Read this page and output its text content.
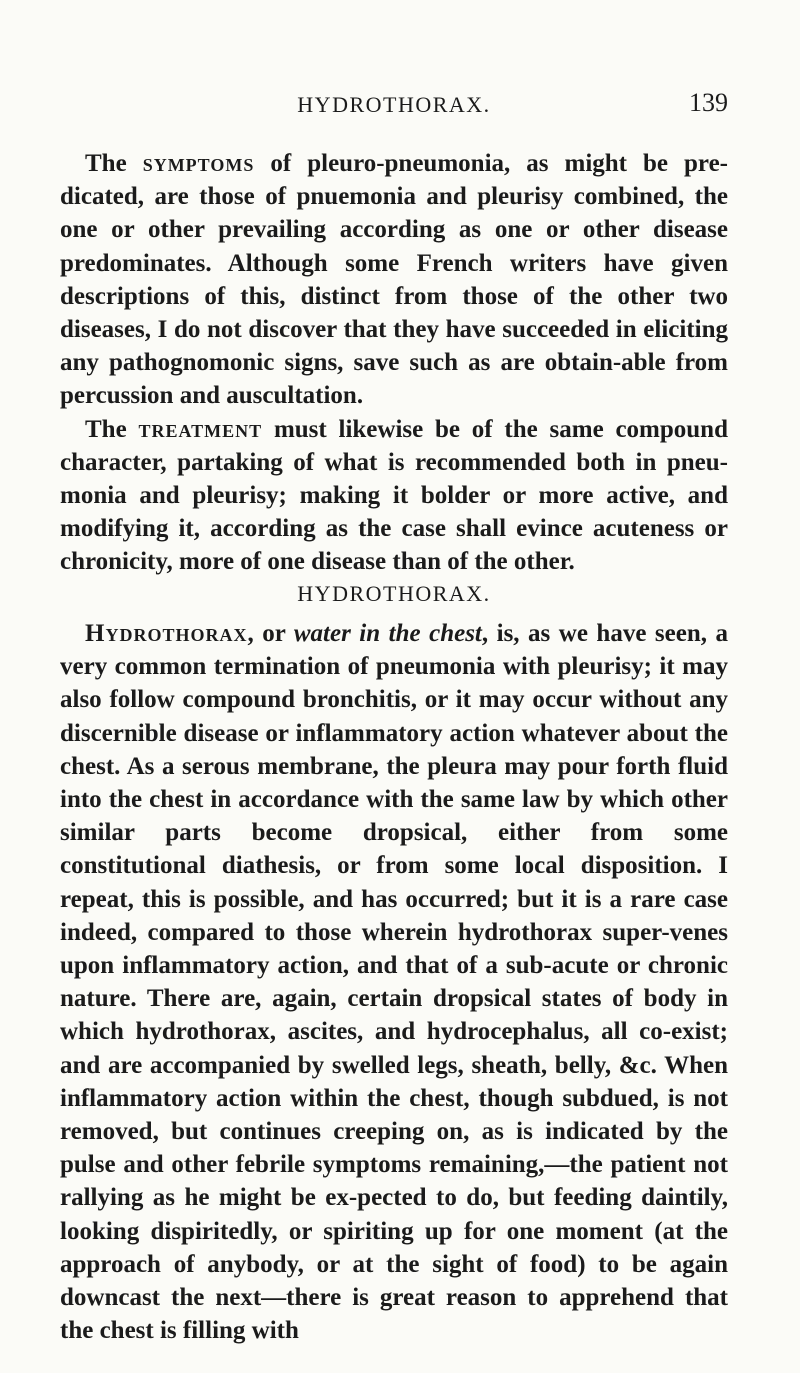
HYDROTHORAX.	139

The symptoms of pleuro-pneumonia, as might be pre-dicated, are those of pnuemonia and pleurisy combined, the one or other prevailing according as one or other disease predominates. Although some French writers have given descriptions of this, distinct from those of the other two diseases, I do not discover that they have succeeded in eliciting any pathognomonic signs, save such as are obtain-able from percussion and auscultation.

The treatment must likewise be of the same compound character, partaking of what is recommended both in pneu-monia and pleurisy; making it bolder or more active, and modifying it, according as the case shall evince acuteness or chronicity, more of one disease than of the other.

HYDROTHORAX.

Hydrothorax, or water in the chest, is, as we have seen, a very common termination of pneumonia with pleurisy; it may also follow compound bronchitis, or it may occur without any discernible disease or inflammatory action whatever about the chest. As a serous membrane, the pleura may pour forth fluid into the chest in accordance with the same law by which other similar parts become dropsical, either from some constitutional diathesis, or from some local disposition. I repeat, this is possible, and has occurred; but it is a rare case indeed, compared to those wherein hydrothorax super-venes upon inflammatory action, and that of a sub-acute or chronic nature. There are, again, certain dropsical states of body in which hydrothorax, ascites, and hydrocephalus, all co-exist; and are accompanied by swelled legs, sheath, belly, &c. When inflammatory action within the chest, though subdued, is not removed, but continues creeping on, as is indicated by the pulse and other febrile symptoms remaining,—the patient not rallying as he might be ex-pected to do, but feeding daintily, looking dispiritedly, or spiriting up for one moment (at the approach of anybody, or at the sight of food) to be again downcast the next—there is great reason to apprehend that the chest is filling with
